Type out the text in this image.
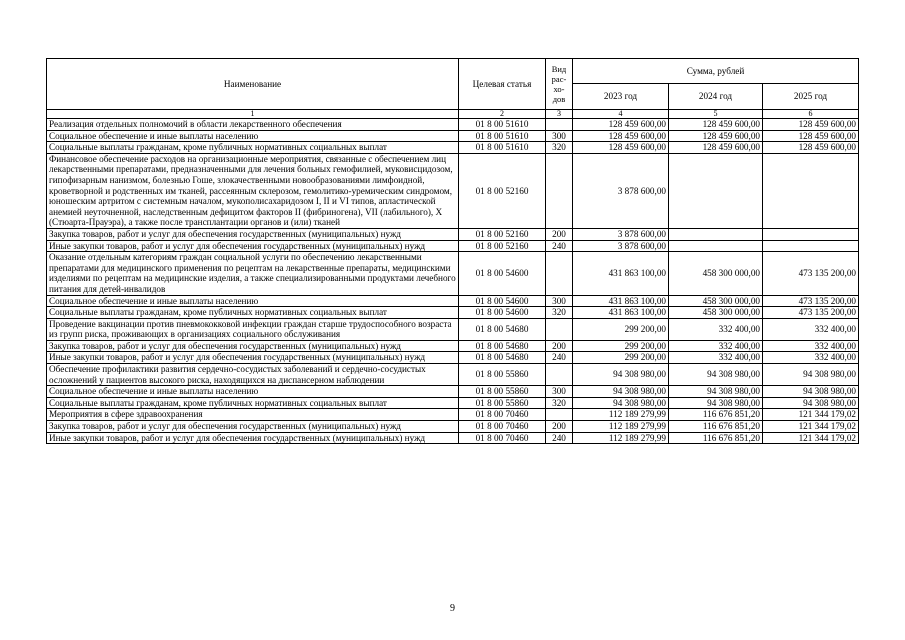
Наименование	Целевая статья	Вид рас- хо- дов	Сумма, рублей		
			2023 год	2024 год	2025 год
1	2	3	4	5	6
Реализация отдельных полномочий в области лекарственного обеспечения	01 8 00 51610		128 459 600,00	128 459 600,00	128 459 600,00
Социальное обеспечение и иные выплаты населению	01 8 00 51610	300	128 459 600,00	128 459 600,00	128 459 600,00
Социальные выплаты гражданам, кроме публичных нормативных социальных выплат	01 8 00 51610	320	128 459 600,00	128 459 600,00	128 459 600,00
Финансовое обеспечение расходов на организационные мероприятия, связанные с обеспечением лиц лекарственными препаратами, предназначенными для лечения больных гемофилией, муковисцидозом, гипофизарным нанизмом, болезнью Гоше, злокачественными новообразованиями лимфоидной, кроветворной и родственных им тканей, рассеянным склерозом, гемолитико-уремическим синдромом, юношеским артритом с системным началом, мукополисахаридозом I, II и VI типов, апластической анемией неуточненной, наследственным дефицитом факторов II (фибриногена), VII (лабильного), X (Стюарта-Прауэра), а также после трансплантации органов и (или) тканей	01 8 00 52160		3 878 600,00		
Закупка товаров, работ и услуг для обеспечения государственных (муниципальных) нужд	01 8 00 52160	200	3 878 600,00		
Иные закупки товаров, работ и услуг для обеспечения государственных (муниципальных) нужд	01 8 00 52160	240	3 878 600,00		
Оказание отдельным категориям граждан социальной услуги по обеспечению лекарственными препаратами для медицинского применения по рецептам на лекарственные препараты, медицинскими изделиями по рецептам на медицинские изделия, а также специализированными продуктами лечебного питания для детей-инвалидов	01 8 00 54600		431 863 100,00	458 300 000,00	473 135 200,00
Социальное обеспечение и иные выплаты населению	01 8 00 54600	300	431 863 100,00	458 300 000,00	473 135 200,00
Социальные выплаты гражданам, кроме публичных нормативных социальных выплат	01 8 00 54600	320	431 863 100,00	458 300 000,00	473 135 200,00
Проведение вакцинации против пневмококковой инфекции граждан старше трудоспособного возраста из групп риска, проживающих в организациях социального обслуживания	01 8 00 54680		299 200,00	332 400,00	332 400,00
Закупка товаров, работ и услуг для обеспечения государственных (муниципальных) нужд	01 8 00 54680	200	299 200,00	332 400,00	332 400,00
Иные закупки товаров, работ и услуг для обеспечения государственных (муниципальных) нужд	01 8 00 54680	240	299 200,00	332 400,00	332 400,00
Обеспечение профилактики развития сердечно-сосудистых заболеваний и сердечно-сосудистых осложнений у пациентов высокого риска, находящихся на диспансерном наблюдении	01 8 00 55860		94 308 980,00	94 308 980,00	94 308 980,00
Социальное обеспечение и иные выплаты населению	01 8 00 55860	300	94 308 980,00	94 308 980,00	94 308 980,00
Социальные выплаты гражданам, кроме публичных нормативных социальных выплат	01 8 00 55860	320	94 308 980,00	94 308 980,00	94 308 980,00
Мероприятия в сфере здравоохранения	01 8 00 70460		112 189 279,99	116 676 851,20	121 344 179,02
Закупка товаров, работ и услуг для обеспечения государственных (муниципальных) нужд	01 8 00 70460	200	112 189 279,99	116 676 851,20	121 344 179,02
Иные закупки товаров, работ и услуг для обеспечения государственных (муниципальных) нужд	01 8 00 70460	240	112 189 279,99	116 676 851,20	121 344 179,02
9
